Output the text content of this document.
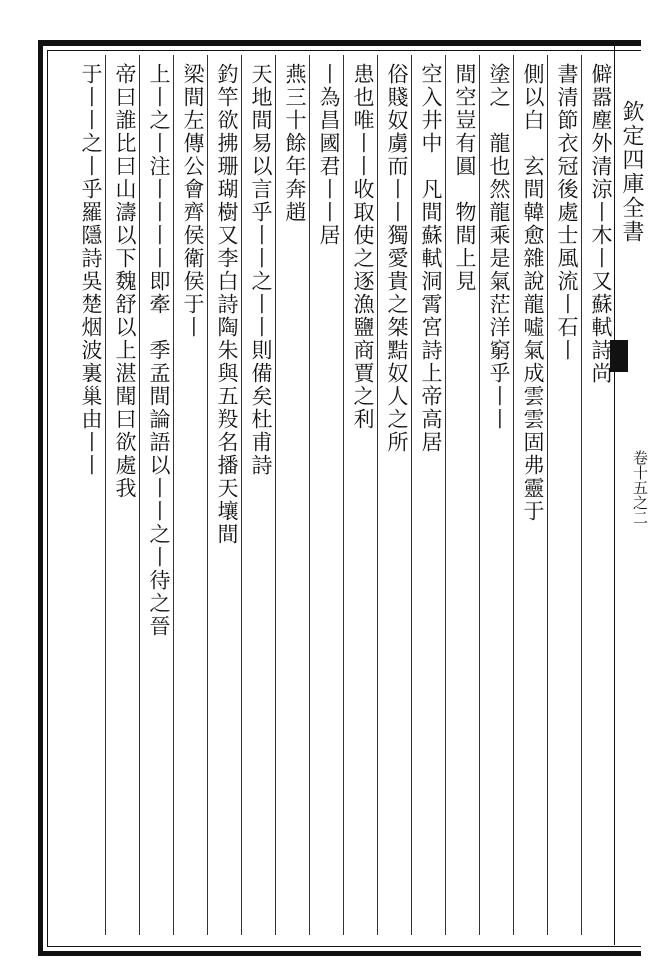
欽定四庫全書
卷十五之二
僻嚣塵外清涼丨木丨又蘇軾詩尚
書清節衣冠後處士風流丨石丨
側以白　玄間韓愈雜說龍噓氣成雲雲固弗靈于
塗之　龍也然龍乘是氣茫洋窮乎丨丨
間空豈有圓　物間上見
空入井中　凡間蘇軾洞霄宮詩上帝高居
俗賤奴虜而丨丨獨愛貴之桀黠奴人之所
患也唯丨丨收取使之逐漁鹽商賈之利
丨為昌國君丨丨居
燕三十餘年奔趙
天地間易以言乎丨丨之丨丨則備矣杜甫詩
釣竿欲拂珊瑚樹又李白詩陶朱與五羖名播天壤間
梁間左傳公會齊侯衛侯于丨
上丨之丨注丨丨丨丨即牽　季孟間論語以丨丨之丨待之晉
帝曰誰比曰山濤以下魏舒以上湛聞曰欲處我
于丨丨之丨乎羅隱詩吳楚烟波裏巢由丨丨
